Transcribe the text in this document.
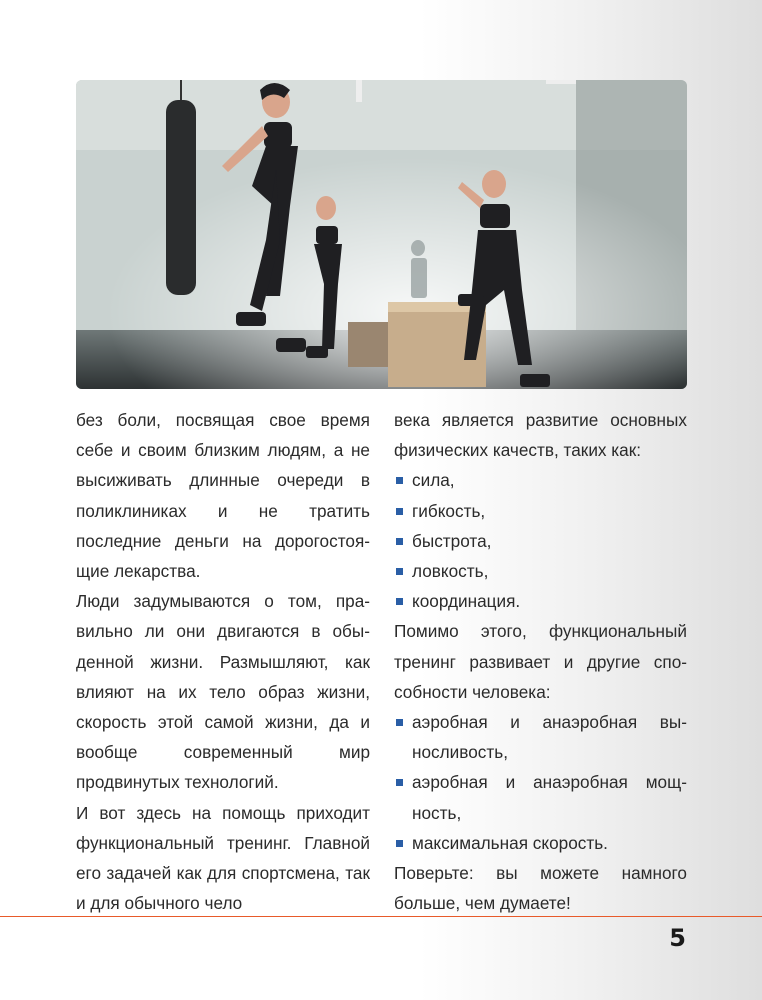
без боли, посвящая свое время себе и своим близким людям, а не высиживать длинные очереди в поликлиниках и не тратить последние деньги на дорогостоящие лекарства.

Люди задумываются о том, правильно ли они двигаются в обыденной жизни. Размышляют, как влияют на их тело образ жизни, скорость этой самой жизни, да и вообще современный мир продвинутых технологий.

И вот здесь на помощь приходит функциональный тренинг. Главной его задачей как для спортсмена, так и для обычного чело

века является развитие основных физических качеств, таких как:

сила,
гибкость,
быстрота,
ловкость,
координация.

Помимо этого, функциональный тренинг развивает и другие способности человека:

аэробная и анаэробная выносливость,
аэробная и анаэробная мощность,
максимальная скорость.

Поверьте: вы можете намного больше, чем думаете!

5
